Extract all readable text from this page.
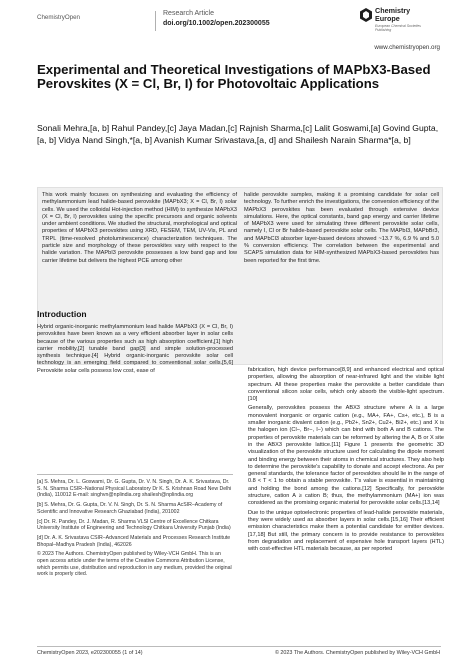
ChemistryOpen
Research Article
doi.org/10.1002/open.202300055
Chemistry Europe
European Chemical Societies Publishing
www.chemistryopen.org
Experimental and Theoretical Investigations of MAPbX3-Based Perovskites (X = Cl, Br, I) for Photovoltaic Applications
Sonali Mehra,[a, b] Rahul Pandey,[c] Jaya Madan,[c] Rajnish Sharma,[c] Lalit Goswami,[a] Govind Gupta,[a, b] Vidya Nand Singh,*[a, b] Avanish Kumar Srivastava,[a, d] and Shailesh Narain Sharma*[a, b]
This work mainly focuses on synthesizing and evaluating the efficiency of methylammonium lead halide-based perovskite (MAPbX3; X = Cl, Br, I) solar cells. We used the colloidal Hot-injection method (HIM) to synthesize MAPbX3 (X = Cl, Br, I) perovskites using the specific precursors and organic solvents under ambient conditions. We studied the structural, morphological and optical properties of MAPbX3 perovskites using XRD, FESEM, TEM, UV-Vis, PL and TRPL (time-resolved photoluminescence) characterization techniques. The particle size and morphology of these perovskites vary with respect to the halide variation. The MAPbI3 perovskite possesses a low band gap and low carrier lifetime but delivers the highest PCE among other
halide perovskite samples, making it a promising candidate for solar cell technology. To further enrich the investigations, the conversion efficiency of the MAPbX3 perovskites has been evaluated through extensive device simulations. Here, the optical constants, band gap energy and carrier lifetime of MAPbX3 were used for simulating three different perovskite solar cells, namely I, Cl or Br halide-based perovskite solar cells. The MAPbI3, MAPbBr3, and MAPbCl3 absorber layer-based devices showed ~13.7 %, 6.9 % and 5.0 % conversion efficiency. The correlation between the experimental and SCAPS simulation data for HIM-synthesized MAPbX3-based perovskites has been reported for the first time.
Introduction

Hybrid organic-inorganic methylammonium lead halide MAPbX3 (X = Cl, Br, I) perovskites have been known as a very efficient absorber layer in solar cells because of the various properties such as high absorption coefficient,[1] high carrier mobility,[2] tunable band gap[3] and simple solution-processed synthesis technique.[4] Hybrid organic-inorganic perovskite solar cell technology is an emerging field compared to conventional solar cells.[5,6] Perovskite solar cells possess low cost, ease of

[a] S. Mehra, Dr. L. Goswami, Dr. G. Gupta, Dr. V. N. Singh, Dr. A. K. Srivastava, Dr. S. N. Sharma CSIR–National Physical Laboratory Dr K. S. Krishnan Road New Delhi (India), 110012 E-mail: singhvn@nplindia.org shailesh@nplindia.org

[b] S. Mehra, Dr. G. Gupta, Dr. V. N. Singh, Dr. S. N. Sharma AcSIR–Academy of Scientific and Innovative Research Ghaziabad (India), 201002

[c] Dr. R. Pandey, Dr. J. Madan, R. Sharma VLSI Centre of Excellence Chitkara University Institute of Engineering and Technology Chitkara University Punjab (India)

[d] Dr. A. K. Srivastava CSIR–Advanced Materials and Processes Research Institute Bhopal–Madhya Pradesh (India), 462026

© 2023 The Authors. ChemistryOpen published by Wiley-VCH GmbH. This is an open access article under the terms of the Creative Commons Attribution License, which permits use, distribution and reproduction in any medium, provided the original work is properly cited.

fabrication, high device performance[8,9] and enhanced electrical and optical properties, allowing the absorption of near-infrared light and the visible light spectrum. All these properties make the perovskite a better candidate than conventional silicon solar cells, which only absorb the visible-light spectrum.[10]

Generally, perovskites possess the ABX3 structure where A is a large monovalent inorganic or organic cation (e.g., MA+, FA+, Cs+, etc.), B is a smaller inorganic divalent cation (e.g., Pb2+, Sn2+, Cu2+, Bi2+, etc.) and X is the halogen ion (Cl−, Br−, I−) which can bind with both A and B cations. The properties of perovskite materials can be reformed by altering the A, B or X site in the ABX3 perovskite lattice.[11] Figure 1 presents the geometric 3D visualization of the perovskite structure used for calculating the dipole moment and binding energy between their atoms in chemical structures. They also help to determine the perovskite's capability to donate and accept electrons. As per general standards, the tolerance factor of perovskites should lie in the range of 0.8 < T < 1 to obtain a stable perovskite. T's value is essential in maintaining and holding the bond among the cations.[12] Specifically, for perovskite structure, cation A ≥ cation B; thus, the methylammonium (MA+) ion was considered as the promising organic material for perovskite solar cells.[13,14]

Due to the unique optoelectronic properties of lead-halide perovskite materials, they were widely used as absorber layers in solar cells.[15,16] Their efficient emission characteristics make them a potential candidate for emitter devices.[17,18] But still, the primary concern is to provide resistance to perovskites from degradation and replacement of expensive hole transport layers (HTL) with cost-effective HTL materials because, as per reported

ChemistryOpen 2023, e202300055 (1 of 14)	© 2023 The Authors. ChemistryOpen published by Wiley-VCH GmbH
